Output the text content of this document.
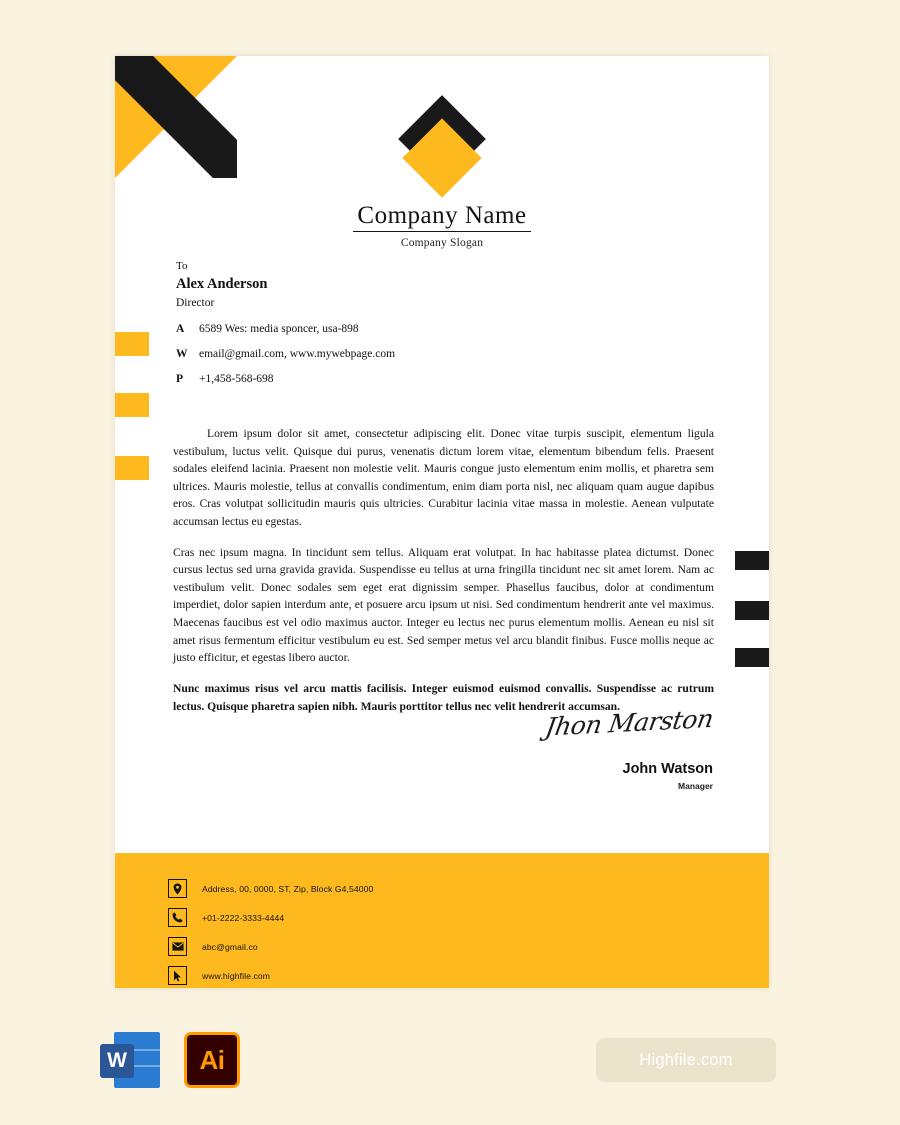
Company Name
Company Slogan
To
Alex Anderson
Director
A	6589 Wes: media sponcer, usa-898
W	email@gmail.com, www.mywebpage.com
P	+1,458-568-698

Lorem ipsum dolor sit amet, consectetur adipiscing elit. Donec vitae turpis suscipit, elementum ligula vestibulum, luctus velit. Quisque dui purus, venenatis dictum lorem vitae, elementum bibendum felis. Praesent sodales eleifend lacinia. Praesent non molestie velit. Mauris congue justo elementum enim mollis, et pharetra sem ultrices. Mauris molestie, tellus at convallis condimentum, enim diam porta nisl, nec aliquam quam augue dapibus eros. Cras volutpat sollicitudin mauris quis ultricies. Curabitur lacinia vitae massa in molestie. Aenean vulputate accumsan lectus eu egestas.

Cras nec ipsum magna. In tincidunt sem tellus. Aliquam erat volutpat. In hac habitasse platea dictumst. Donec cursus lectus sed urna gravida gravida. Suspendisse eu tellus at urna fringilla tincidunt nec sit amet lorem. Nam ac vestibulum velit. Donec sodales sem eget erat dignissim semper. Phasellus faucibus, dolor at condimentum imperdiet, dolor sapien interdum ante, et posuere arcu ipsum ut nisi. Sed condimentum hendrerit ante vel maximus. Maecenas faucibus est vel odio maximus auctor. Integer eu lectus nec purus elementum mollis. Aenean eu nisl sit amet risus fermentum efficitur vestibulum eu est. Sed semper metus vel arcu blandit finibus. Fusce mollis neque ac justo efficitur, et egestas libero auctor.

Nunc maximus risus vel arcu mattis facilisis. Integer euismod euismod convallis. Suspendisse ac rutrum lectus. Quisque pharetra sapien nibh. Mauris porttitor tellus nec velit hendrerit accumsan.

Jhon Marston
John Watson
Manager
Address, 00, 0000, ST, Zip, Block G4,54000
+01-2222-3333-4444
abc@gmail.co
www.highfile.com
W	Ai	Highfile.com
